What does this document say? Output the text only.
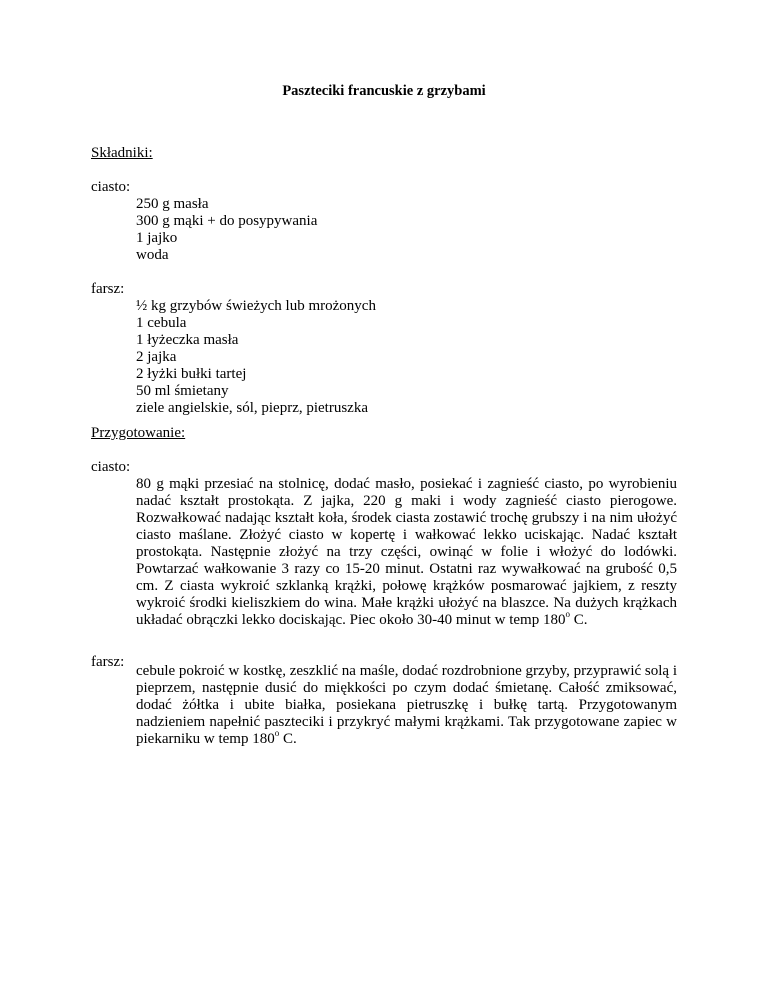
Paszteciki francuskie z grzybami
Składniki:
ciasto:
250 g masła
300 g mąki + do posypywania
1 jajko
woda
farsz:
½ kg grzybów świeżych lub mrożonych
1 cebula
1 łyżeczka masła
2 jajka
2 łyżki bułki tartej
50 ml śmietany
ziele angielskie, sól, pieprz, pietruszka
Przygotowanie:
ciasto:

80 g mąki przesiać na stolnicę, dodać masło, posiekać i zagnieść ciasto, po wyrobieniu nadać kształt prostokąta. Z jajka, 220 g maki i wody zagnieść ciasto pierogowe. Rozwałkować nadając kształt koła, środek ciasta zostawić trochę grubszy i na nim ułożyć ciasto maślane. Złożyć ciasto w kopertę i wałkować lekko uciskając. Nadać kształt prostokąta. Następnie złożyć na trzy części, owinąć w folie i włożyć do lodówki. Powtarzać wałkowanie 3 razy co 15-20 minut. Ostatni raz wywałkować na grubość 0,5 cm. Z ciasta wykroić szklanką krążki, połowę krążków posmarować jajkiem, z reszty wykroić środki kieliszkiem do wina. Małe krążki ułożyć na blaszce. Na dużych krążkach układać obrączki lekko dociskając. Piec około 30-40 minut w temp 180$^o$ C.

farsz:

cebule pokroić w kostkę, zeszklić na maśle, dodać rozdrobnione grzyby, przyprawić solą i pieprzem, następnie dusić do miękkości po czym dodać śmietanę. Całość zmiksować, dodać żółtka i ubite białka, posiekana pietruszkę i bułkę tartą. Przygotowanym nadzieniem napełnić paszteciki i przykryć małymi krążkami. Tak przygotowane zapiec w piekarniku w temp 180$^o$ C.
